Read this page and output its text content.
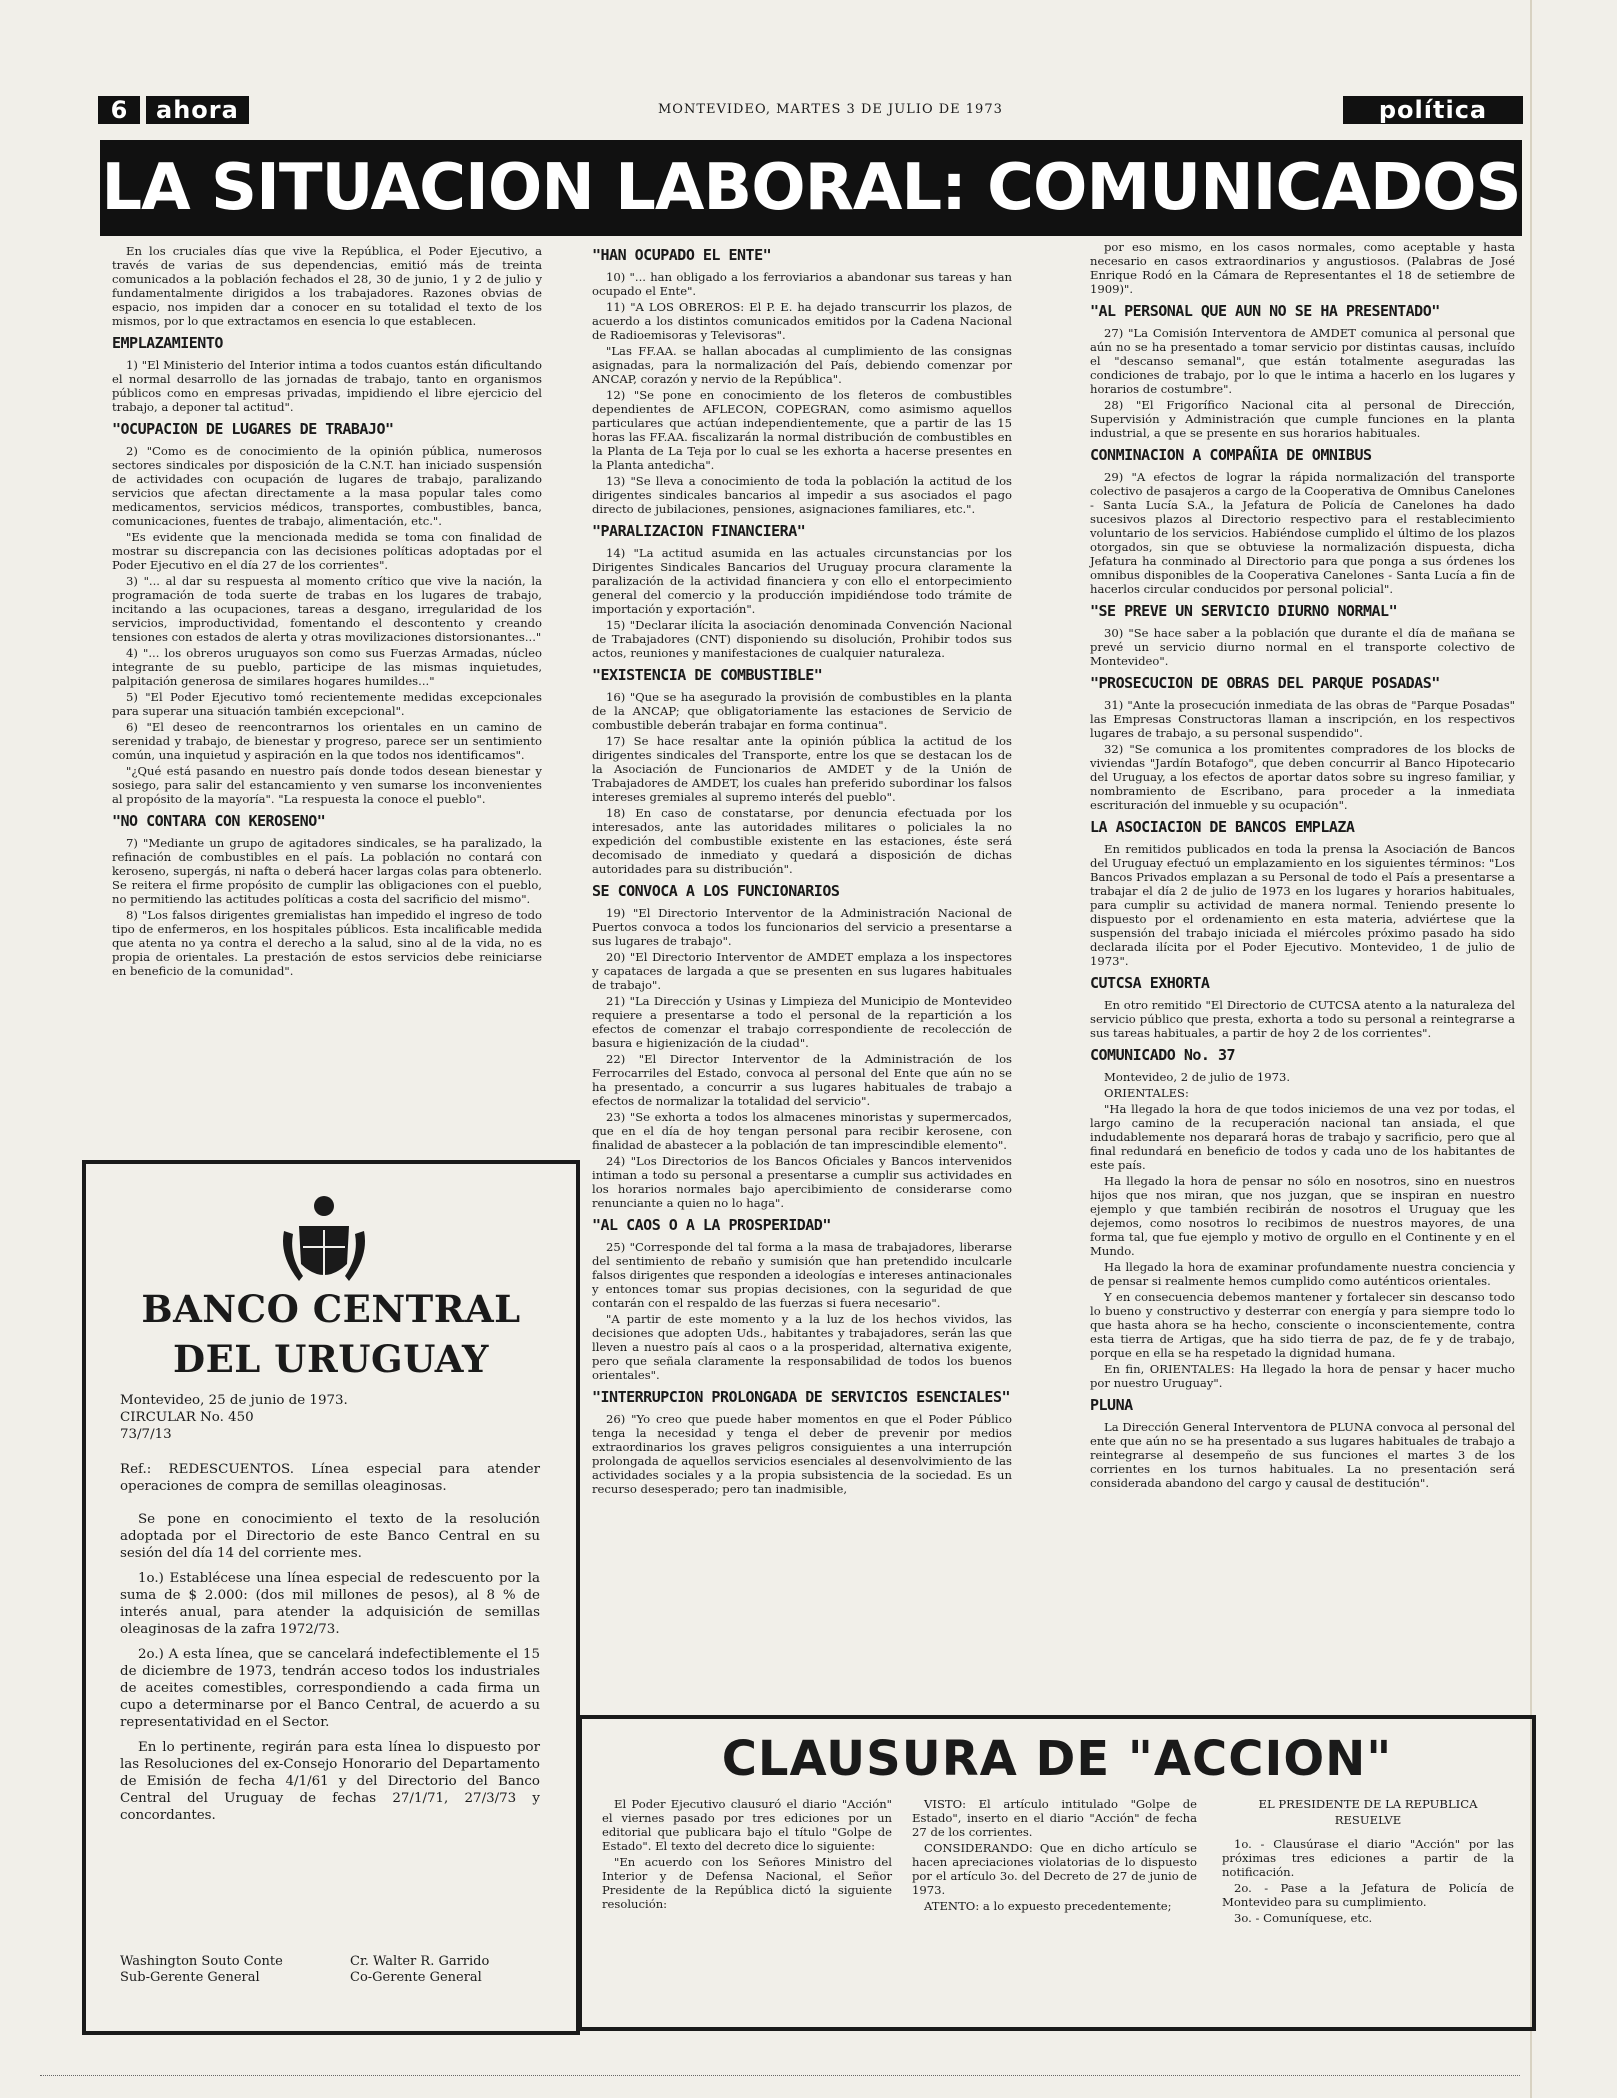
6	ahora	MONTEVIDEO, MARTES 3 DE JULIO DE 1973	política
LA SITUACION LABORAL: COMUNICADOS

En los cruciales días que vive la República, el Poder Ejecutivo, a través de varias de sus dependencias, emitió más de treinta comunicados a la población fechados el 28, 30 de junio, 1 y 2 de julio y fundamentalmente dirigidos a los trabajadores. Razones obvias de espacio, nos impiden dar a conocer en su totalidad el texto de los mismos, por lo que extractamos en esencia lo que establecen.

EMPLAZAMIENTO

1) "El Ministerio del Interior intima a todos cuantos están dificultando el normal desarrollo de las jornadas de trabajo, tanto en organismos públicos como en empresas privadas, impidiendo el libre ejercicio del trabajo, a deponer tal actitud".

"OCUPACION DE LUGARES DE TRABAJO"

2) "Como es de conocimiento de la opinión pública, numerosos sectores sindicales por disposición de la C.N.T. han iniciado suspensión de actividades con ocupación de lugares de trabajo, paralizando servicios que afectan directamente a la masa popular tales como medicamentos, servicios médicos, transportes, combustibles, banca, comunicaciones, fuentes de trabajo, alimentación, etc.".

"Es evidente que la mencionada medida se toma con finalidad de mostrar su discrepancia con las decisiones políticas adoptadas por el Poder Ejecutivo en el día 27 de los corrientes".

3) "... al dar su respuesta al momento crítico que vive la nación, la programación de toda suerte de trabas en los lugares de trabajo, incitando a las ocupaciones, tareas a desgano, irregularidad de los servicios, improductividad, fomentando el descontento y creando tensiones con estados de alerta y otras movilizaciones distorsionantes..."

4) "... los obreros uruguayos son como sus Fuerzas Armadas, núcleo integrante de su pueblo, participe de las mismas inquietudes, palpitación generosa de similares hogares humildes..."

5) "El Poder Ejecutivo tomó recientemente medidas excepcionales para superar una situación también excepcional".

6) "El deseo de reencontrarnos los orientales en un camino de serenidad y trabajo, de bienestar y progreso, parece ser un sentimiento común, una inquietud y aspiración en la que todos nos identificamos".

"¿Qué está pasando en nuestro país donde todos desean bienestar y sosiego, para salir del estancamiento y ven sumarse los inconvenientes al propósito de la mayoría". "La respuesta la conoce el pueblo".

"NO CONTARA CON KEROSENO"

7) "Mediante un grupo de agitadores sindicales, se ha paralizado, la refinación de combustibles en el país. La población no contará con keroseno, supergás, ni nafta o deberá hacer largas colas para obtenerlo. Se reitera el firme propósito de cumplir las obligaciones con el pueblo, no permitiendo las actitudes políticas a costa del sacrificio del mismo".

8) "Los falsos dirigentes gremialistas han impedido el ingreso de todo tipo de enfermeros, en los hospitales públicos. Esta incalificable medida que atenta no ya contra el derecho a la salud, sino al de la vida, no es propia de orientales. La prestación de estos servicios debe reiniciarse en beneficio de la comunidad".

"HAN OCUPADO EL ENTE"

10) "... han obligado a los ferroviarios a abandonar sus tareas y han ocupado el Ente".

11) "A LOS OBREROS: El P. E. ha dejado transcurrir los plazos, de acuerdo a los distintos comunicados emitidos por la Cadena Nacional de Radioemisoras y Televisoras".

"Las FF.AA. se hallan abocadas al cumplimiento de las consignas asignadas, para la normalización del País, debiendo comenzar por ANCAP, corazón y nervio de la República".

12) "Se pone en conocimiento de los fleteros de combustibles dependientes de AFLECON, COPEGRAN, como asimismo aquellos particulares que actúan independientemente, que a partir de las 15 horas las FF.AA. fiscalizarán la normal distribución de combustibles en la Planta de La Teja por lo cual se les exhorta a hacerse presentes en la Planta antedicha".

13) "Se lleva a conocimiento de toda la población la actitud de los dirigentes sindicales bancarios al impedir a sus asociados el pago directo de jubilaciones, pensiones, asignaciones familiares, etc.".

"PARALIZACION FINANCIERA"

14) "La actitud asumida en las actuales circunstancias por los Dirigentes Sindicales Bancarios del Uruguay procura claramente la paralización de la actividad financiera y con ello el entorpecimiento general del comercio y la producción impidiéndose todo trámite de importación y exportación".

15) "Declarar ilícita la asociación denominada Convención Nacional de Trabajadores (CNT) disponiendo su disolución, Prohibir todos sus actos, reuniones y manifestaciones de cualquier naturaleza.

"EXISTENCIA DE COMBUSTIBLE"

16) "Que se ha asegurado la provisión de combustibles en la planta de la ANCAP; que obligatoriamente las estaciones de Servicio de combustible deberán trabajar en forma continua".

17) Se hace resaltar ante la opinión pública la actitud de los dirigentes sindicales del Transporte, entre los que se destacan los de la Asociación de Funcionarios de AMDET y de la Unión de Trabajadores de AMDET, los cuales han preferido subordinar los falsos intereses gremiales al supremo interés del pueblo".

18) En caso de constatarse, por denuncia efectuada por los interesados, ante las autoridades militares o policiales la no expedición del combustible existente en las estaciones, éste será decomisado de inmediato y quedará a disposición de dichas autoridades para su distribución".

SE CONVOCA A LOS FUNCIONARIOS

19) "El Directorio Interventor de la Administración Nacional de Puertos convoca a todos los funcionarios del servicio a presentarse a sus lugares de trabajo".

20) "El Directorio Interventor de AMDET emplaza a los inspectores y capataces de largada a que se presenten en sus lugares habituales de trabajo".

21) "La Dirección y Usinas y Limpieza del Municipio de Montevideo requiere a presentarse a todo el personal de la repartición a los efectos de comenzar el trabajo correspondiente de recolección de basura e higienización de la ciudad".

22) "El Director Interventor de la Administración de los Ferrocarriles del Estado, convoca al personal del Ente que aún no se ha presentado, a concurrir a sus lugares habituales de trabajo a efectos de normalizar la totalidad del servicio".

23) "Se exhorta a todos los almacenes minoristas y supermercados, que en el día de hoy tengan personal para recibir kerosene, con finalidad de abastecer a la población de tan imprescindible elemento".

24) "Los Directorios de los Bancos Oficiales y Bancos intervenidos intiman a todo su personal a presentarse a cumplir sus actividades en los horarios normales bajo apercibimiento de considerarse como renunciante a quien no lo haga".

"AL CAOS O A LA PROSPERIDAD"

25) "Corresponde del tal forma a la masa de trabajadores, liberarse del sentimiento de rebaño y sumisión que han pretendido inculcarle falsos dirigentes que responden a ideologías e intereses antinacionales y entonces tomar sus propias decisiones, con la seguridad de que contarán con el respaldo de las fuerzas si fuera necesario".

"A partir de este momento y a la luz de los hechos vividos, las decisiones que adopten Uds., habitantes y trabajadores, serán las que lleven a nuestro país al caos o a la prosperidad, alternativa exigente, pero que señala claramente la responsabilidad de todos los buenos orientales".

"INTERRUPCION PROLONGADA DE SERVICIOS ESENCIALES"

26) "Yo creo que puede haber momentos en que el Poder Público tenga la necesidad y tenga el deber de prevenir por medios extraordinarios los graves peligros consiguientes a una interrupción prolongada de aquellos servicios esenciales al desenvolvimiento de las actividades sociales y a la propia subsistencia de la sociedad. Es un recurso desesperado; pero tan inadmisible,

por eso mismo, en los casos normales, como aceptable y hasta necesario en casos extraordinarios y angustiosos. (Palabras de José Enrique Rodó en la Cámara de Representantes el 18 de setiembre de 1909)".

"AL PERSONAL QUE AUN NO SE HA PRESENTADO"

27) "La Comisión Interventora de AMDET comunica al personal que aún no se ha presentado a tomar servicio por distintas causas, incluído el "descanso semanal", que están totalmente aseguradas las condiciones de trabajo, por lo que le intima a hacerlo en los lugares y horarios de costumbre".

28) "El Frigorífico Nacional cita al personal de Dirección, Supervisión y Administración que cumple funciones en la planta industrial, a que se presente en sus horarios habituales.

CONMINACION A COMPAÑIA DE OMNIBUS

29) "A efectos de lograr la rápida normalización del transporte colectivo de pasajeros a cargo de la Cooperativa de Omnibus Canelones - Santa Lucía S.A., la Jefatura de Policía de Canelones ha dado sucesivos plazos al Directorio respectivo para el restablecimiento voluntario de los servicios. Habiéndose cumplido el último de los plazos otorgados, sin que se obtuviese la normalización dispuesta, dicha Jefatura ha conminado al Directorio para que ponga a sus órdenes los omnibus disponibles de la Cooperativa Canelones - Santa Lucía a fin de hacerlos circular conducidos por personal policial".

"SE PREVE UN SERVICIO DIURNO NORMAL"

30) "Se hace saber a la población que durante el día de mañana se prevé un servicio diurno normal en el transporte colectivo de Montevideo".

"PROSECUCION DE OBRAS DEL PARQUE POSADAS"

31) "Ante la prosecución inmediata de las obras de "Parque Posadas" las Empresas Constructoras llaman a inscripción, en los respectivos lugares de trabajo, a su personal suspendido".

32) "Se comunica a los promitentes compradores de los blocks de viviendas "Jardín Botafogo", que deben concurrir al Banco Hipotecario del Uruguay, a los efectos de aportar datos sobre su ingreso familiar, y nombramiento de Escribano, para proceder a la inmediata escrituración del inmueble y su ocupación".

LA ASOCIACION DE BANCOS EMPLAZA

En remitidos publicados en toda la prensa la Asociación de Bancos del Uruguay efectuó un emplazamiento en los siguientes términos: "Los Bancos Privados emplazan a su Personal de todo el País a presentarse a trabajar el día 2 de julio de 1973 en los lugares y horarios habituales, para cumplir su actividad de manera normal. Teniendo presente lo dispuesto por el ordenamiento en esta materia, adviértese que la suspensión del trabajo iniciada el miércoles próximo pasado ha sido declarada ilícita por el Poder Ejecutivo. Montevideo, 1 de julio de 1973".

CUTCSA EXHORTA

En otro remitido "El Directorio de CUTCSA atento a la naturaleza del servicio público que presta, exhorta a todo su personal a reintegrarse a sus tareas habituales, a partir de hoy 2 de los corrientes".

COMUNICADO No. 37

Montevideo, 2 de julio de 1973.

ORIENTALES:

"Ha llegado la hora de que todos iniciemos de una vez por todas, el largo camino de la recuperación nacional tan ansiada, el que indudablemente nos deparará horas de trabajo y sacrificio, pero que al final redundará en beneficio de todos y cada uno de los habitantes de este país.

Ha llegado la hora de pensar no sólo en nosotros, sino en nuestros hijos que nos miran, que nos juzgan, que se inspiran en nuestro ejemplo y que también recibirán de nosotros el Uruguay que les dejemos, como nosotros lo recibimos de nuestros mayores, de una forma tal, que fue ejemplo y motivo de orgullo en el Continente y en el Mundo.

Ha llegado la hora de examinar profundamente nuestra conciencia y de pensar si realmente hemos cumplido como auténticos orientales.

Y en consecuencia debemos mantener y fortalecer sin descanso todo lo bueno y constructivo y desterrar con energía y para siempre todo lo que hasta ahora se ha hecho, consciente o inconscientemente, contra esta tierra de Artigas, que ha sido tierra de paz, de fe y de trabajo, porque en ella se ha respetado la dignidad humana.

En fin, ORIENTALES: Ha llegado la hora de pensar y hacer mucho por nuestro Uruguay".

PLUNA

La Dirección General Interventora de PLUNA convoca al personal del ente que aún no se ha presentado a sus lugares habituales de trabajo a reintegrarse al desempeño de sus funciones el martes 3 de los corrientes en los turnos habituales. La no presentación será considerada abandono del cargo y causal de destitución".

BANCO CENTRAL
DEL URUGUAY
Montevideo, 25 de junio de 1973.
CIRCULAR No. 450
73/7/13

Ref.: REDESCUENTOS. Línea especial para atender operaciones de compra de semillas oleaginosas.

Se pone en conocimiento el texto de la resolución adoptada por el Directorio de este Banco Central en su sesión del día 14 del corriente mes.

1o.) Establécese una línea especial de redescuento por la suma de $ 2.000: (dos mil millones de pesos), al 8 % de interés anual, para atender la adquisición de semillas oleaginosas de la zafra 1972/73.

2o.) A esta línea, que se cancelará indefectiblemente el 15 de diciembre de 1973, tendrán acceso todos los industriales de aceites comestibles, correspondiendo a cada firma un cupo a determinarse por el Banco Central, de acuerdo a su representatividad en el Sector.

En lo pertinente, regirán para esta línea lo dispuesto por las Resoluciones del ex-Consejo Honorario del Departamento de Emisión de fecha 4/1/61 y del Directorio del Banco Central del Uruguay de fechas 27/1/71, 27/3/73 y concordantes.

Washington Souto Conte
Sub-Gerente General
Cr. Walter R. Garrido
Co-Gerente General
CLAUSURA DE "ACCION"

El Poder Ejecutivo clausuró el diario "Acción" el viernes pasado por tres ediciones por un editorial que publicara bajo el título "Golpe de Estado". El texto del decreto dice lo siguiente:

"En acuerdo con los Señores Ministro del Interior y de Defensa Nacional, el Señor Presidente de la República dictó la siguiente resolución:

VISTO: El artículo intitulado "Golpe de Estado", inserto en el diario "Acción" de fecha 27 de los corrientes.

CONSIDERANDO: Que en dicho artículo se hacen apreciaciones violatorias de lo dispuesto por el artículo 3o. del Decreto de 27 de junio de 1973.

ATENTO: a lo expuesto precedentemente;

EL PRESIDENTE DE LA REPUBLICA

RESUELVE

1o. - Clausúrase el diario "Acción" por las próximas tres ediciones a partir de la notificación.

2o. - Pase a la Jefatura de Policía de Montevideo para su cumplimiento.

3o. - Comuníquese, etc.
